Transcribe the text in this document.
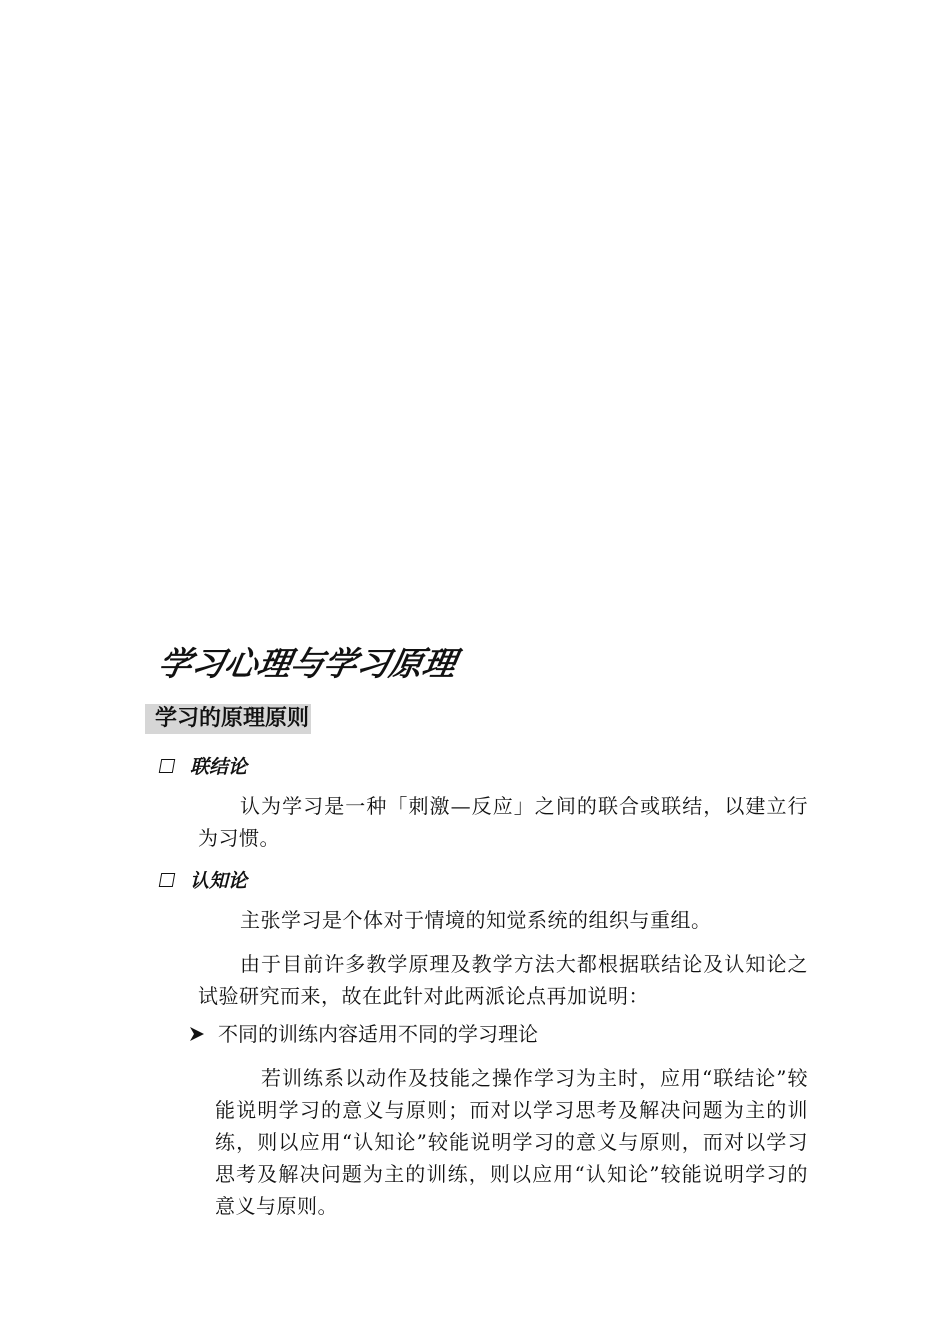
学习心理与学习原理
学习的原理原则
联结论
认为学习是一种「刺激—反应」之间的联合或联结，以建立行为习惯。
认知论
主张学习是个体对于情境的知觉系统的组织与重组。
由于目前许多教学原理及教学方法大都根据联结论及认知论之试验研究而来，故在此针对此两派论点再加说明：
不同的训练内容适用不同的学习理论
若训练系以动作及技能之操作学习为主时，应用“联结论”较能说明学习的意义与原则；而对以学习思考及解决问题为主的训练，则以应用“认知论”较能说明学习的意义与原则，而对以学习思考及解决问题为主的训练，则以应用“认知论”较能说明学习的意义与原则。
